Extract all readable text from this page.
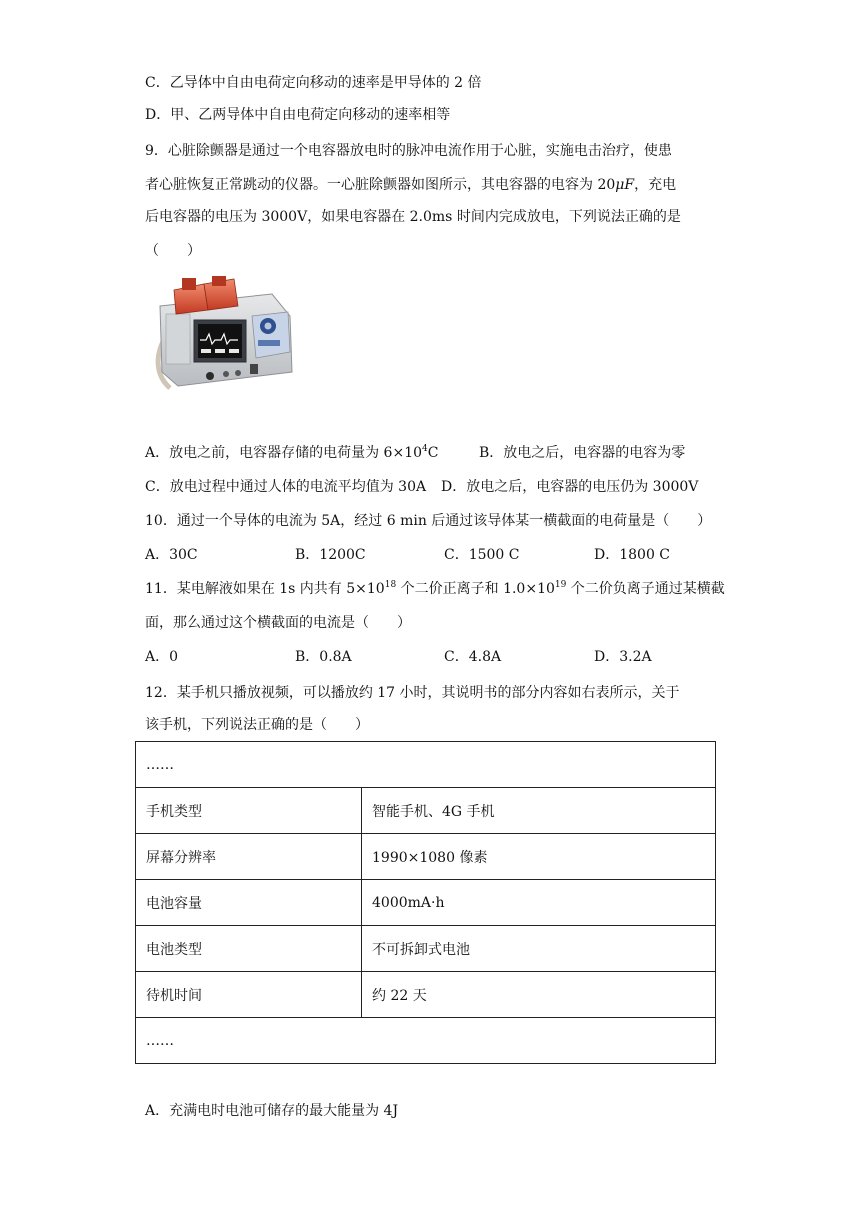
C．乙导体中自由电荷定向移动的速率是甲导体的 2 倍
D．甲、乙两导体中自由电荷定向移动的速率相等
9．心脏除颤器是通过一个电容器放电时的脉冲电流作用于心脏，实施电击治疗，使患
者心脏恢复正常跳动的仪器。一心脏除颤器如图所示，其电容器的电容为 20μF，充电
后电容器的电压为 3000V，如果电容器在 2.0ms 时间内完成放电，下列说法正确的是
（　　）
A．放电之前，电容器存储的电荷量为 $6\times 10^4C$	B．放电之后，电容器的电容为零
C．放电过程中通过人体的电流平均值为 30A D．放电之后，电容器的电压仍为 3000V
10．通过一个导体的电流为 5A，经过 6 min 后通过该导体某一横截面的电荷量是（　　）
A．30C	B．1200C	C．1500 C	D．1800 C
11．某电解液如果在 1s 内共有 $5\times 10^{18}$ 个二价正离子和 $1.0\times 10^{19}$ 个二价负离子通过某横截
面，那么通过这个横截面的电流是（　　）
A．0	B．0.8A	C．4.8A	D．3.2A
12．某手机只播放视频，可以播放约 17 小时，其说明书的部分内容如右表所示，关于
该手机，下列说法正确的是（　　）
……	
手机类型	智能手机、4G 手机
屏幕分辨率	1990×1080 像素
电池容量	4000mA·h
电池类型	不可拆卸式电池
待机时间	约 22 天
……	
A．充满电时电池可储存的最大能量为 4J
